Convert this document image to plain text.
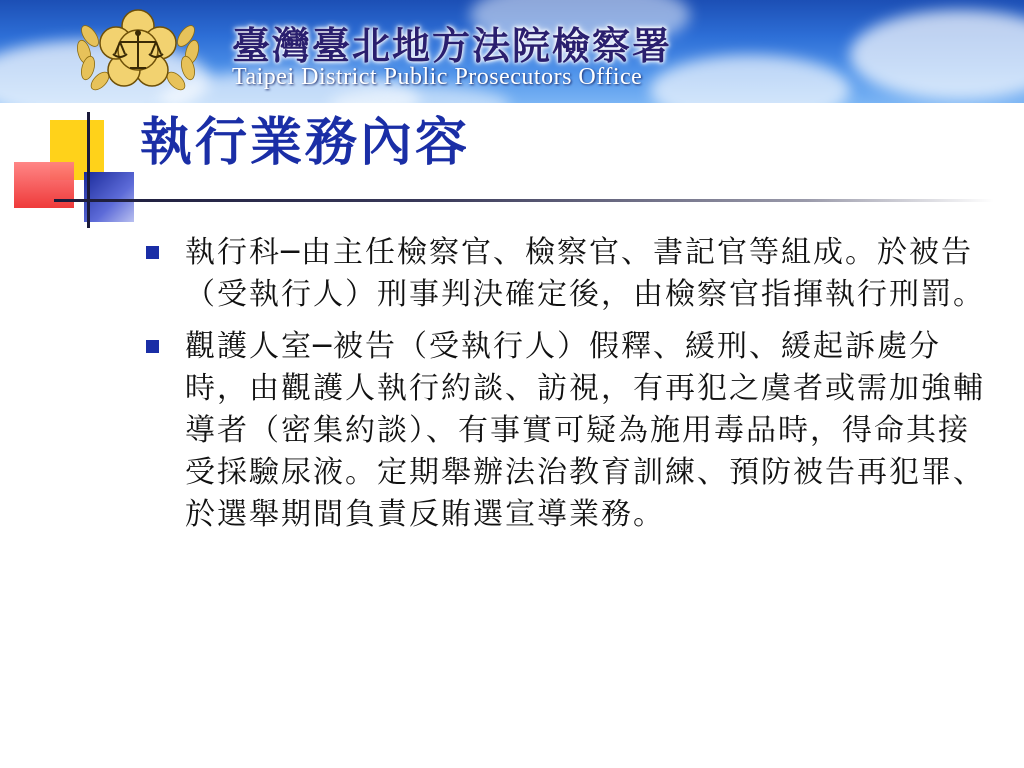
臺灣臺北地方法院檢察署
Taipei District Public Prosecutors Office
執行業務內容
執行科─由主任檢察官、檢察官、書記官等組成。於被告（受執行人）刑事判決確定後，由檢察官指揮執行刑罰。
觀護人室─被告（受執行人）假釋、緩刑、緩起訴處分時，由觀護人執行約談、訪視，有再犯之虞者或需加強輔導者（密集約談）、有事實可疑為施用毒品時，得命其接受採驗尿液。定期舉辦法治教育訓練、預防被告再犯罪、於選舉期間負責反賄選宣導業務。
